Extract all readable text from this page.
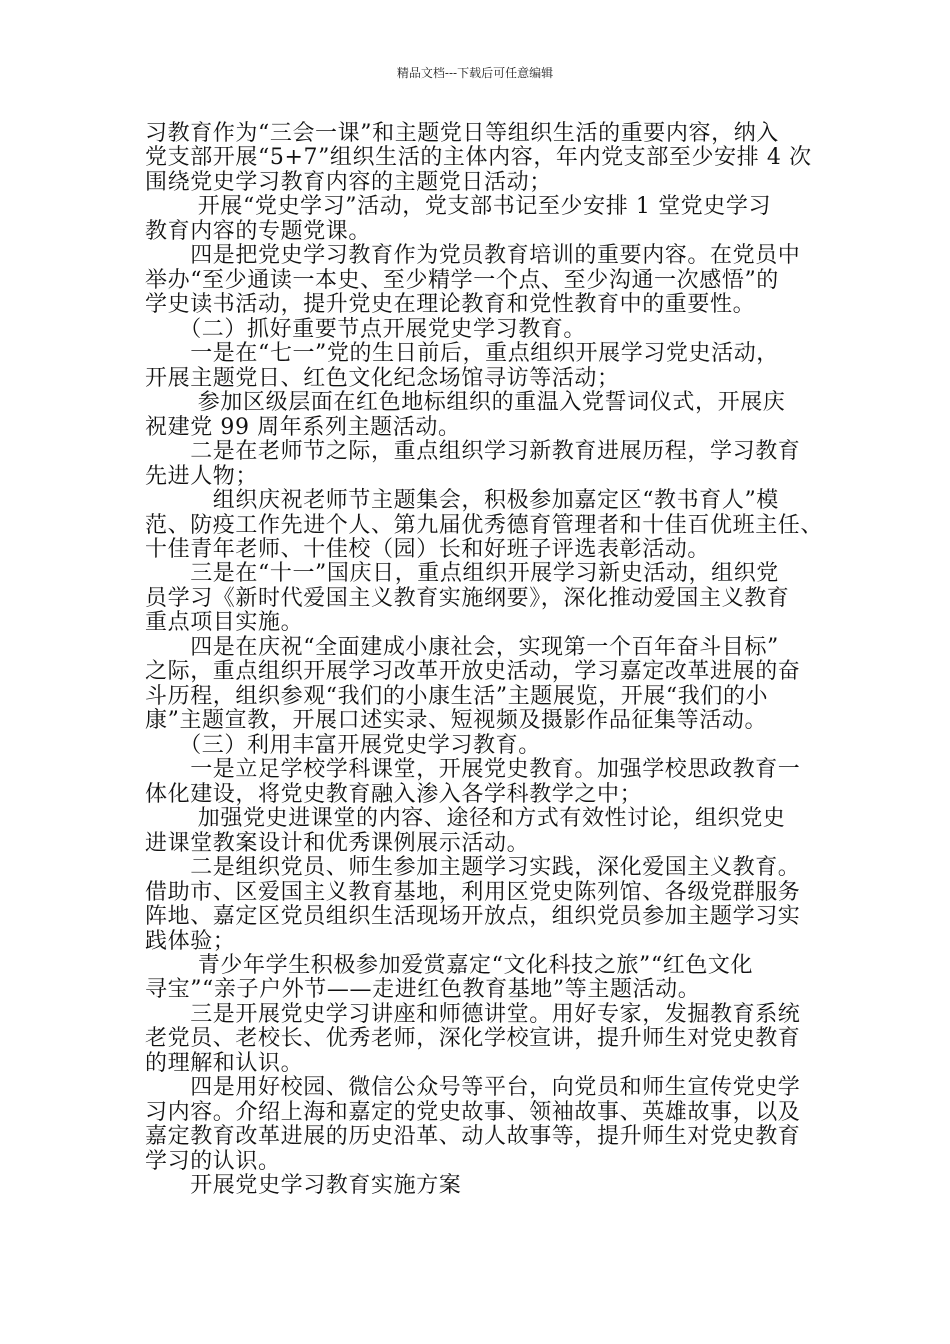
精品文档---下载后可任意编辑
习教育作为“三会一课”和主题党日等组织生活的重要内容，纳入
党支部开展“5+7”组织生活的主体内容，年内党支部至少安排 4 次
围绕党史学习教育内容的主题党日活动；
　　 开展“党史学习”活动，党支部书记至少安排 1 堂党史学习
教育内容的专题党课。
　　四是把党史学习教育作为党员教育培训的重要内容。在党员中
举办“至少通读一本史、至少精学一个点、至少沟通一次感悟”的
学史读书活动，提升党史在理论教育和党性教育中的重要性。
　　（二）抓好重要节点开展党史学习教育。
　　一是在“七一”党的生日前后，重点组织开展学习党史活动，
开展主题党日、红色文化纪念场馆寻访等活动；
　　 参加区级层面在红色地标组织的重温入党誓词仪式，开展庆
祝建党 99 周年系列主题活动。
　　二是在老师节之际，重点组织学习新教育进展历程，学习教育
先进人物；
　　　组织庆祝老师节主题集会，积极参加嘉定区“教书育人”模
范、防疫工作先进个人、第九届优秀德育管理者和十佳百优班主任、
十佳青年老师、十佳校（园）长和好班子评选表彰活动。
　　三是在“十一”国庆日，重点组织开展学习新史活动，组织党
员学习《新时代爱国主义教育实施纲要》，深化推动爱国主义教育
重点项目实施。
　　四是在庆祝“全面建成小康社会，实现第一个百年奋斗目标”
之际，重点组织开展学习改革开放史活动，学习嘉定改革进展的奋
斗历程，组织参观“我们的小康生活”主题展览，开展“我们的小
康”主题宣教，开展口述实录、短视频及摄影作品征集等活动。
　　（三）利用丰富开展党史学习教育。
　　一是立足学校学科课堂，开展党史教育。加强学校思政教育一
体化建设，将党史教育融入渗入各学科教学之中；
　　 加强党史进课堂的内容、途径和方式有效性讨论，组织党史
进课堂教案设计和优秀课例展示活动。
　　二是组织党员、师生参加主题学习实践，深化爱国主义教育。
借助市、区爱国主义教育基地，利用区党史陈列馆、各级党群服务
阵地、嘉定区党员组织生活现场开放点，组织党员参加主题学习实
践体验；
　　 青少年学生积极参加爱赏嘉定“文化科技之旅”“红色文化
寻宝”“亲子户外节——走进红色教育基地”等主题活动。
　　三是开展党史学习讲座和师德讲堂。用好专家，发掘教育系统
老党员、老校长、优秀老师，深化学校宣讲，提升师生对党史教育
的理解和认识。
　　四是用好校园、微信公众号等平台，向党员和师生宣传党史学
习内容。介绍上海和嘉定的党史故事、领袖故事、英雄故事，以及
嘉定教育改革进展的历史沿革、动人故事等，提升师生对党史教育
学习的认识。
　　开展党史学习教育实施方案
